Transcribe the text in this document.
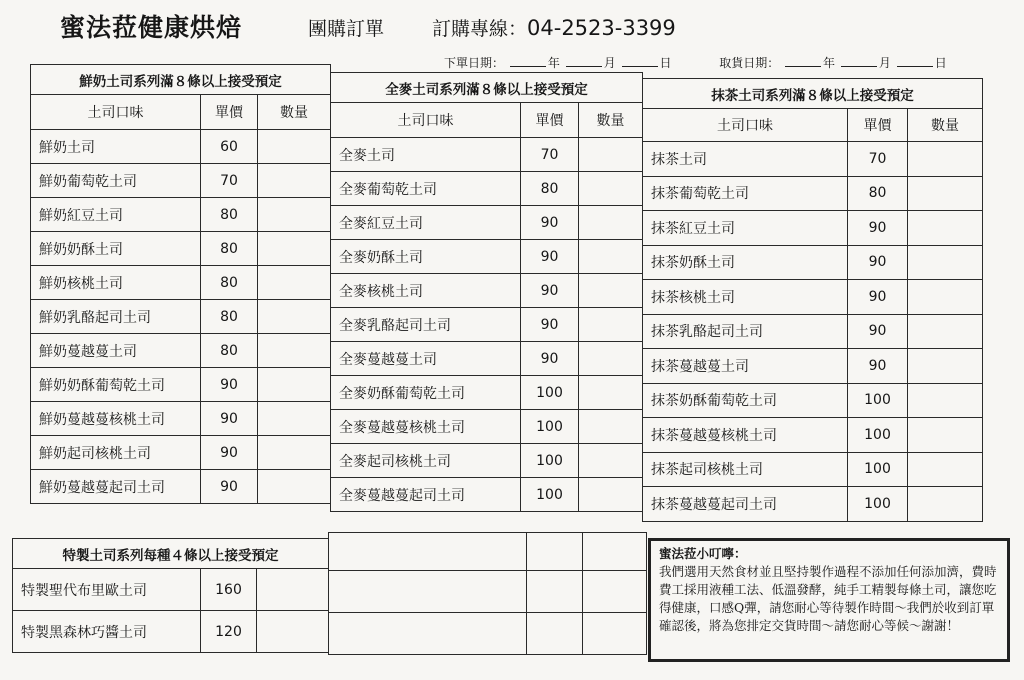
蜜法菈健康烘焙	團購訂單	訂購專線：04-2523-3399
下單日期：	年	月	日	取貨日期：	年	月	日
鮮奶土司系列滿８條以上接受預定		
土司口味	單價	數量
鮮奶土司	60	
鮮奶葡萄乾土司	70	
鮮奶紅豆土司	80	
鮮奶奶酥土司	80	
鮮奶核桃土司	80	
鮮奶乳酪起司土司	80	
鮮奶蔓越蔓土司	80	
鮮奶奶酥葡萄乾土司	90	
鮮奶蔓越蔓核桃土司	90	
鮮奶起司核桃土司	90	
鮮奶蔓越蔓起司土司	90	
全麥土司系列滿８條以上接受預定		
土司口味	單價	數量
全麥土司	70	
全麥葡萄乾土司	80	
全麥紅豆土司	90	
全麥奶酥土司	90	
全麥核桃土司	90	
全麥乳酪起司土司	90	
全麥蔓越蔓土司	90	
全麥奶酥葡萄乾土司	100	
全麥蔓越蔓核桃土司	100	
全麥起司核桃土司	100	
全麥蔓越蔓起司土司	100	
抹茶土司系列滿８條以上接受預定		
土司口味	單價	數量
抹茶土司	70	
抹茶葡萄乾土司	80	
抹茶紅豆土司	90	
抹茶奶酥土司	90	
抹茶核桃土司	90	
抹茶乳酪起司土司	90	
抹茶蔓越蔓土司	90	
抹茶奶酥葡萄乾土司	100	
抹茶蔓越蔓核桃土司	100	
抹茶起司核桃土司	100	
抹茶蔓越蔓起司土司	100	
特製土司系列每種４條以上接受預定		
特製聖代布里歐土司	160	
特製黑森林巧醬土司	120	

蜜法菈小叮嚀：
我們選用天然食材並且堅持製作過程不添加任何添加濟，費時費工採用液種工法、低溫發酵，純手工精製每條土司，讓您吃得健康，口感Q彈，請您耐心等待製作時間～我們於收到訂單確認後，將為您排定交貨時間～請您耐心等候～謝謝！
